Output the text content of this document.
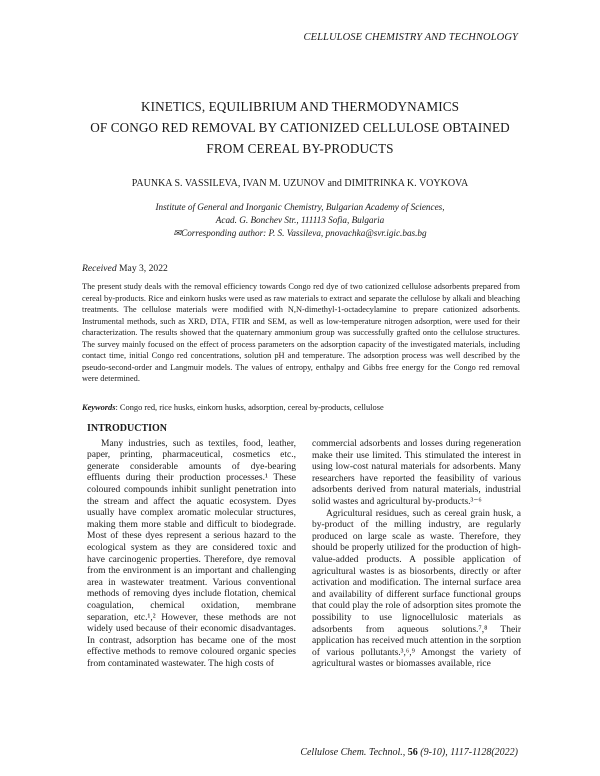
CELLULOSE CHEMISTRY AND TECHNOLOGY
KINETICS, EQUILIBRIUM AND THERMODYNAMICS
OF CONGO RED REMOVAL BY CATIONIZED CELLULOSE OBTAINED
FROM CEREAL BY-PRODUCTS
PAUNKA S. VASSILEVA, IVAN M. UZUNOV and DIMITRINKA K. VOYKOVA
Institute of General and Inorganic Chemistry, Bulgarian Academy of Sciences,
Acad. G. Bonchev Str., 111113 Sofia, Bulgaria
✉Corresponding author: P. S. Vassileva, pnovachka@svr.igic.bas.bg
Received May 3, 2022
The present study deals with the removal efficiency towards Congo red dye of two cationized cellulose adsorbents prepared from cereal by-products. Rice and einkorn husks were used as raw materials to extract and separate the cellulose by alkali and bleaching treatments. The cellulose materials were modified with N,N-dimethyl-1-octadecylamine to prepare cationized adsorbents. Instrumental methods, such as XRD, DTA, FTIR and SEM, as well as low-temperature nitrogen adsorption, were used for their characterization. The results showed that the quaternary ammonium group was successfully grafted onto the cellulose structures. The survey mainly focused on the effect of process parameters on the adsorption capacity of the investigated materials, including contact time, initial Congo red concentrations, solution pH and temperature. The adsorption process was well described by the pseudo-second-order and Langmuir models. The values of entropy, enthalpy and Gibbs free energy for the Congo red removal were determined.
Keywords: Congo red, rice husks, einkorn husks, adsorption, cereal by-products, cellulose
INTRODUCTION

Many industries, such as textiles, food, leather, paper, printing, pharmaceutical, cosmetics etc., generate considerable amounts of dye-bearing effluents during their production processes.¹ These coloured compounds inhibit sunlight penetration into the stream and affect the aquatic ecosystem. Dyes usually have complex aromatic molecular structures, making them more stable and difficult to biodegrade. Most of these dyes represent a serious hazard to the ecological system as they are considered toxic and have carcinogenic properties. Therefore, dye removal from the environment is an important and challenging area in wastewater treatment. Various conventional methods of removing dyes include flotation, chemical coagulation, chemical oxidation, membrane separation, etc.¹,² However, these methods are not widely used because of their economic disadvantages. In contrast, adsorption has became one of the most effective methods to remove coloured organic species from contaminated wastewater. The high costs of

commercial adsorbents and losses during regeneration make their use limited. This stimulated the interest in using low-cost natural materials for adsorbents. Many researchers have reported the feasibility of various adsorbents derived from natural materials, industrial solid wastes and agricultural by-products.³⁻⁶

Agricultural residues, such as cereal grain husk, a by-product of the milling industry, are regularly produced on large scale as waste. Therefore, they should be properly utilized for the production of high-value-added products. A possible application of agricultural wastes is as biosorbents, directly or after activation and modification. The internal surface area and availability of different surface functional groups that could play the role of adsorption sites promote the possibility to use lignocellulosic materials as adsorbents from aqueous solutions.⁷,⁸ Their application has received much attention in the sorption of various pollutants.³,⁶,⁹ Amongst the variety of agricultural wastes or biomasses available, rice

Cellulose Chem. Technol., 56 (9-10), 1117-1128(2022)
